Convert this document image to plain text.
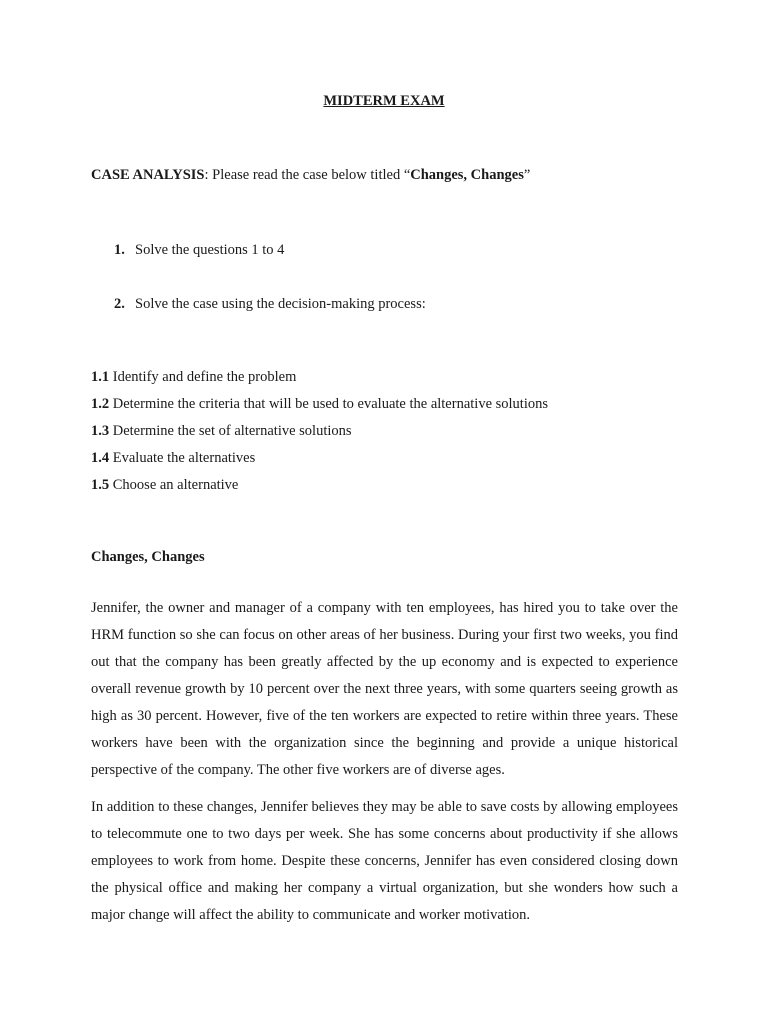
MIDTERM EXAM
CASE ANALYSIS: Please read the case below titled “Changes, Changes”
1. Solve the questions 1 to 4
2. Solve the case using the decision-making process:
1.1 Identify and define the problem
1.2 Determine the criteria that will be used to evaluate the alternative solutions
1.3 Determine the set of alternative solutions
1.4 Evaluate the alternatives
1.5 Choose an alternative
Changes, Changes

Jennifer, the owner and manager of a company with ten employees, has hired you to take over the HRM function so she can focus on other areas of her business. During your first two weeks, you find out that the company has been greatly affected by the up economy and is expected to experience overall revenue growth by 10 percent over the next three years, with some quarters seeing growth as high as 30 percent. However, five of the ten workers are expected to retire within three years. These workers have been with the organization since the beginning and provide a unique historical perspective of the company. The other five workers are of diverse ages.

In addition to these changes, Jennifer believes they may be able to save costs by allowing employees to telecommute one to two days per week. She has some concerns about productivity if she allows employees to work from home. Despite these concerns, Jennifer has even considered closing down the physical office and making her company a virtual organization, but she wonders how such a major change will affect the ability to communicate and worker motivation.
